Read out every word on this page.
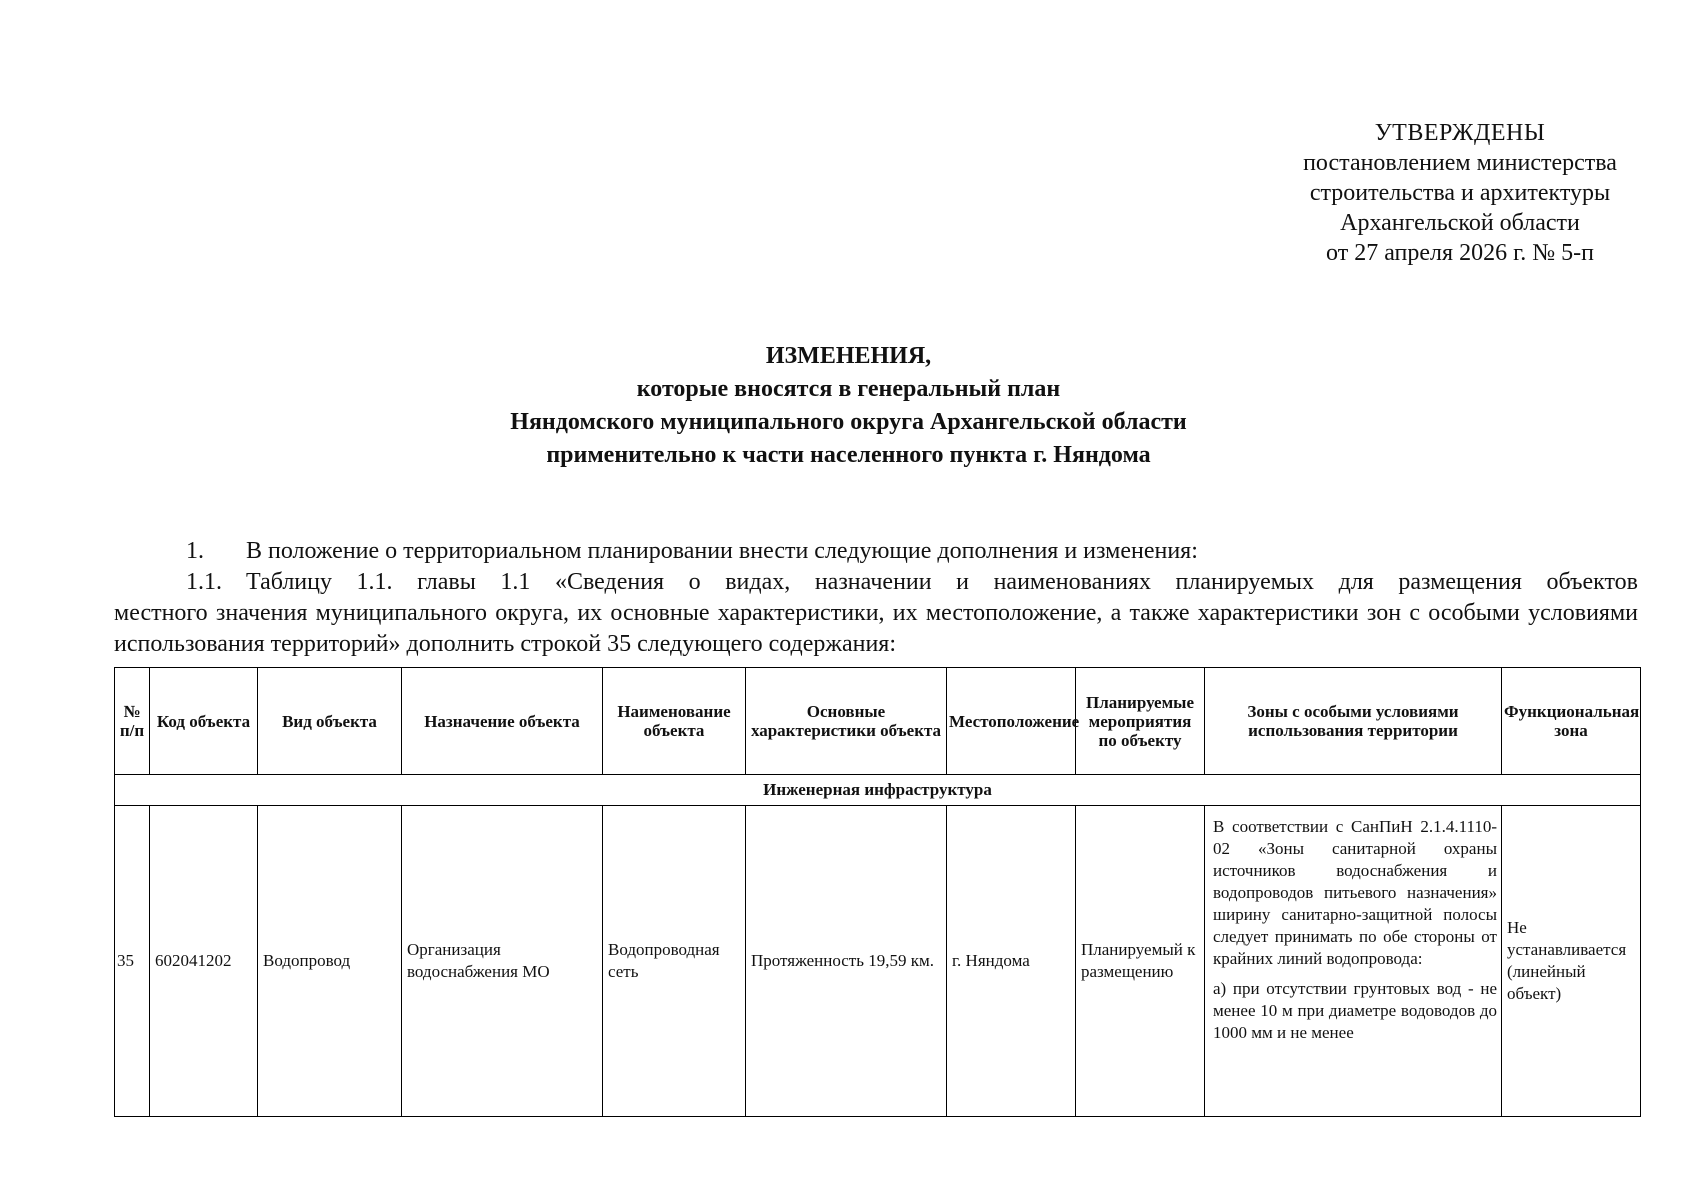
УТВЕРЖДЕНЫ
постановлением министерства
строительства и архитектуры
Архангельской области
от 27 апреля 2026 г. № 5-п
ИЗМЕНЕНИЯ,
которые вносятся в генеральный план
Няндомского муниципального округа Архангельской области
применительно к части населенного пункта г. Няндома
1. В положение о территориальном планировании внести следующие дополнения и изменения:
1.1. Таблицу 1.1. главы 1.1 «Сведения о видах, назначении и наименованиях планируемых для размещения объектов
местного значения муниципального округа, их основные характеристики, их местоположение, а также характеристики зон с особыми условиями использования территорий» дополнить строкой 35 следующего содержания:
№ п/п	Код объекта	Вид объекта	Назначение объекта	Наименование объекта	Основные характеристики объекта	Местоположение	Планируемые мероприятия по объекту	Зоны с особыми условиями использования территории	Функциональная зона
Инженерная инфраструктура									
35	602041202	Водопровод	Организация водоснабжения МО	Водопроводная сеть	Протяженность 19,59 км.	г. Няндома	Планируемый к размещению	В соответствии с СанПиН 2.1.4.1110-02 «Зоны санитарной охраны источников водоснабжения и водопроводов питьевого назначения» ширину санитарно-защитной полосы следует принимать по обе стороны от крайних линий водопровода:

а) при отсутствии грунтовых вод - не менее 10 м при диаметре водоводов до 1000 мм и не менее	Не устанавливается (линейный объект)
